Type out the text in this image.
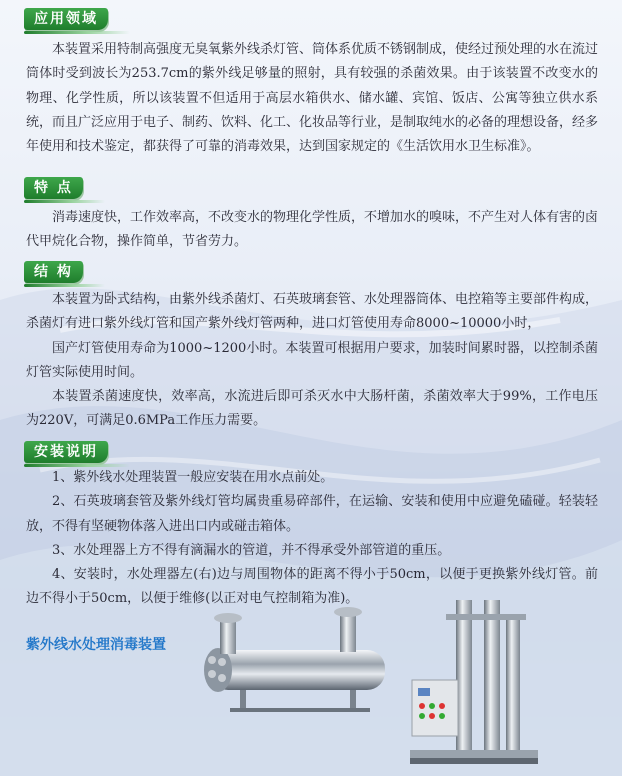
应用领域

本装置采用特制高强度无臭氧紫外线杀灯管、筒体系优质不锈钢制成，使经过预处理的水在流过筒体时受到波长为253.7cm的紫外线足够量的照射，具有较强的杀菌效果。由于该装置不改变水的物理、化学性质，所以该装置不但适用于高层水箱供水、储水罐、宾馆、饭店、公寓等独立供水系统，而且广泛应用于电子、制药、饮料、化工、化妆品等行业，是制取纯水的必备的理想设备，经多年使用和技术鉴定，都获得了可靠的消毒效果，达到国家规定的《生活饮用水卫生标准》。

特 点

消毒速度快，工作效率高，不改变水的物理化学性质，不增加水的嗅味，不产生对人体有害的卤代甲烷化合物，操作简单，节省劳力。

结 构

本装置为卧式结构，由紫外线杀菌灯、石英玻璃套管、水处理器筒体、电控箱等主要部件构成，杀菌灯有进口紫外线灯管和国产紫外线灯管两种，进口灯管使用寿命8000~10000小时，

国产灯管使用寿命为1000~1200小时。本装置可根据用户要求，加装时间累时器，以控制杀菌灯管实际使用时间。

本装置杀菌速度快，效率高，水流进后即可杀灭水中大肠杆菌，杀菌效率大于99%，工作电压为220V，可满足0.6MPa工作压力需要。

安装说明

1、紫外线水处理装置一般应安装在用水点前处。

2、石英玻璃套管及紫外线灯管均属贵重易碎部件，在运输、安装和使用中应避免磕碰。轻装轻放，不得有坚硬物体落入进出口内或碰击箱体。

3、水处理器上方不得有滴漏水的管道，并不得承受外部管道的重压。

4、安装时，水处理器左(右)边与周围物体的距离不得小于50cm，以便于更换紫外线灯管。前边不得小于50cm，以便于维修(以正对电气控制箱为准)。

紫外线水处理消毒装置
